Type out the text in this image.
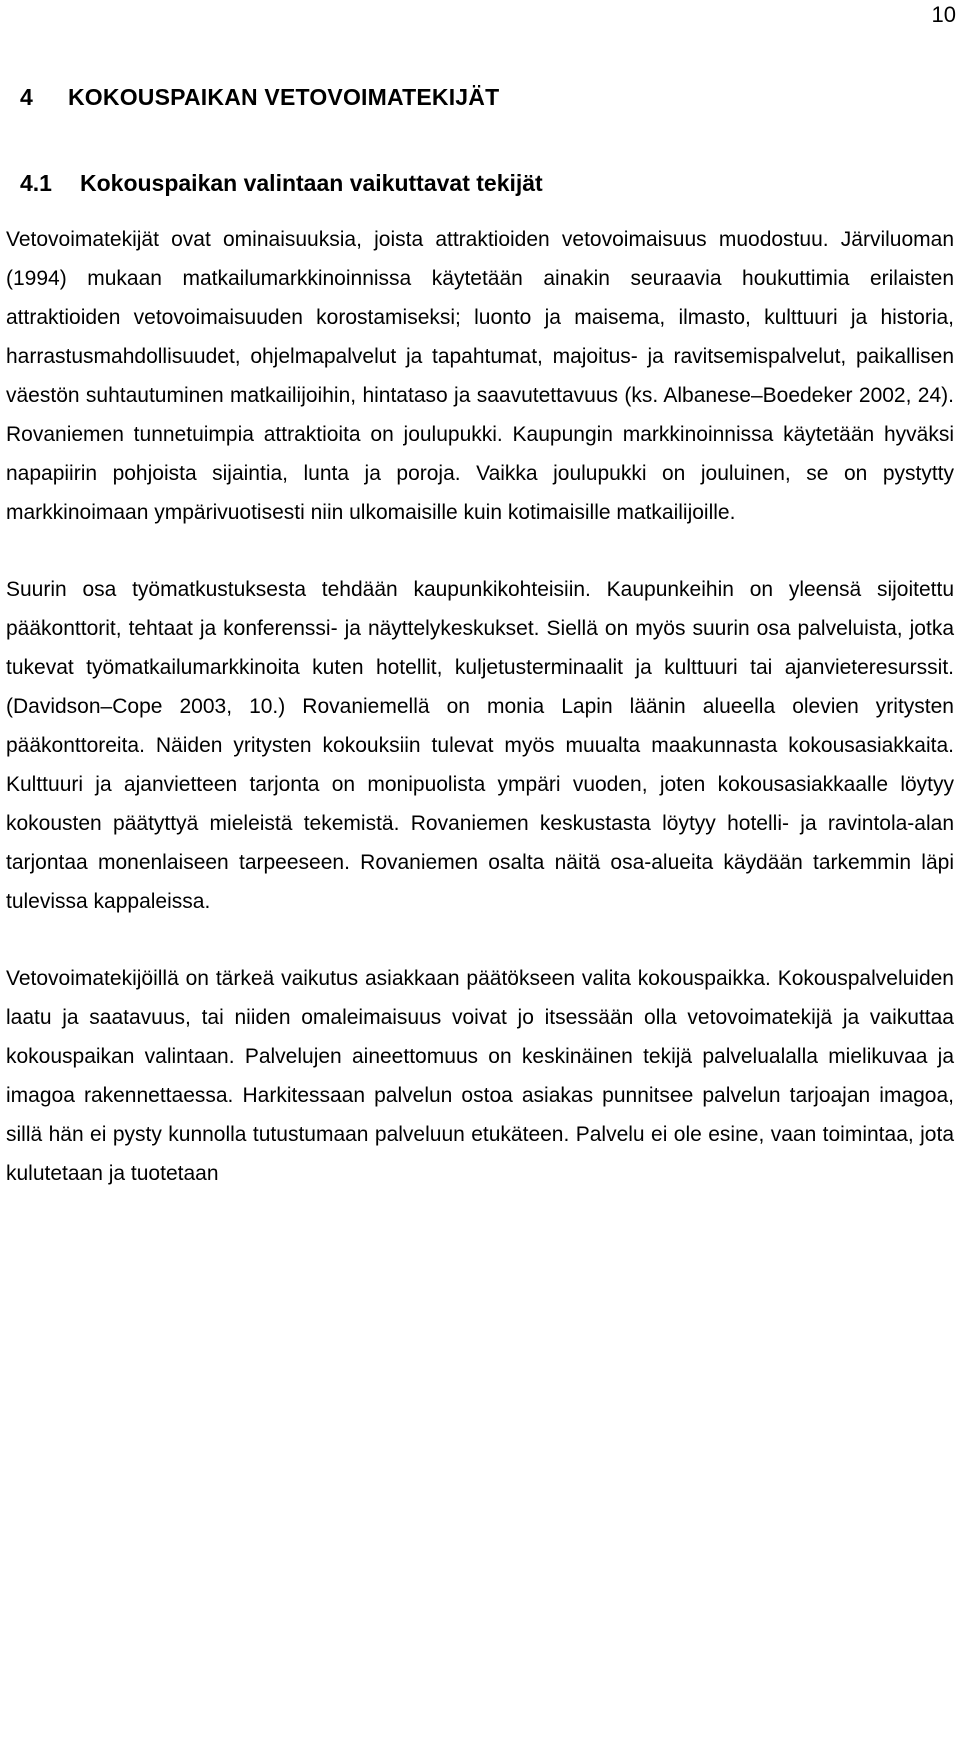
10
4 KOKOUSPAIKAN VETOVOIMATEKIJÄT
4.1 Kokouspaikan valintaan vaikuttavat tekijät

Vetovoimatekijät ovat ominaisuuksia, joista attraktioiden vetovoimaisuus muodostuu. Järviluoman (1994) mukaan matkailumarkkinoinnissa käytetään ainakin seuraavia houkuttimia erilaisten attraktioiden vetovoimaisuuden korostamiseksi; luonto ja maisema, ilmasto, kulttuuri ja historia, harrastusmahdollisuudet, ohjelmapalvelut ja tapahtumat, majoitus- ja ravitsemispalvelut, paikallisen väestön suhtautuminen matkailijoihin, hintataso ja saavutettavuus (ks. Albanese–Boedeker 2002, 24). Rovaniemen tunnetuimpia attraktioita on joulupukki. Kaupungin markkinoinnissa käytetään hyväksi napapiirin pohjoista sijaintia, lunta ja poroja. Vaikka joulupukki on jouluinen, se on pystytty markkinoimaan ympärivuotisesti niin ulkomaisille kuin kotimaisille matkailijoille.

Suurin osa työmatkustuksesta tehdään kaupunkikohteisiin. Kaupunkeihin on yleensä sijoitettu pääkonttorit, tehtaat ja konferenssi- ja näyttelykeskukset. Siellä on myös suurin osa palveluista, jotka tukevat työmatkailumarkkinoita kuten hotellit, kuljetusterminaalit ja kulttuuri tai ajanvieteresurssit. (Davidson–Cope 2003, 10.) Rovaniemellä on monia Lapin läänin alueella olevien yritysten pääkonttoreita. Näiden yritysten kokouksiin tulevat myös muualta maakunnasta kokousasiakkaita. Kulttuuri ja ajanvietteen tarjonta on monipuolista ympäri vuoden, joten kokousasiakkaalle löytyy kokousten päätyttyä mieleistä tekemistä. Rovaniemen keskustasta löytyy hotelli- ja ravintola-alan tarjontaa monenlaiseen tarpeeseen. Rovaniemen osalta näitä osa-alueita käydään tarkemmin läpi tulevissa kappaleissa.

Vetovoimatekijöillä on tärkeä vaikutus asiakkaan päätökseen valita kokouspaikka. Kokouspalveluiden laatu ja saatavuus, tai niiden omaleimaisuus voivat jo itsessään olla vetovoimatekijä ja vaikuttaa kokouspaikan valintaan. Palvelujen aineettomuus on keskinäinen tekijä palvelualalla mielikuvaa ja imagoa rakennettaessa. Harkitessaan palvelun ostoa asiakas punnitsee palvelun tarjoajan imagoa, sillä hän ei pysty kunnolla tutustumaan palveluun etukäteen. Palvelu ei ole esine, vaan toimintaa, jota kulutetaan ja tuotetaan
